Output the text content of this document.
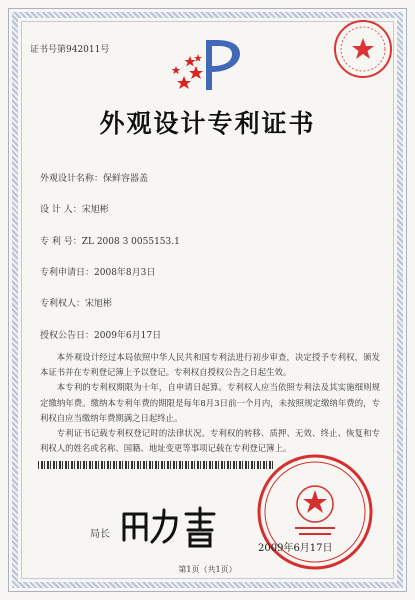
证书号第942011号
外观设计专利证书
外观设计名称：保鲜容器盖
设 计 人：宋旭彬
专 利 号：ZL 2008 3 0055153.1
专利申请日：2008年8月3日
专利权人：宋旭彬
授权公告日：2009年6月17日

本外观设计经过本局依照中华人民共和国专利法进行初步审查，决定授予专利权，颁发本证书并在专利登记簿上予以登记。专利权自授权公告之日起生效。

本专利的专利权期限为十年，自申请日起算。专利权人应当依照专利法及其实施细则规定缴纳年费。缴纳本专利年费的期限是每年8月3日前一个月内，未按照规定缴纳年费的，专利权自应当缴纳年费期满之日起终止。

专利证书记载专利权登记时的法律状况。专利权的转移、质押、无效、终止、恢复和专利权人的姓名或名称、国籍、地址变更等事项记载在专利登记簿上。

局长
2009年6月17日
第1页（共1页）
